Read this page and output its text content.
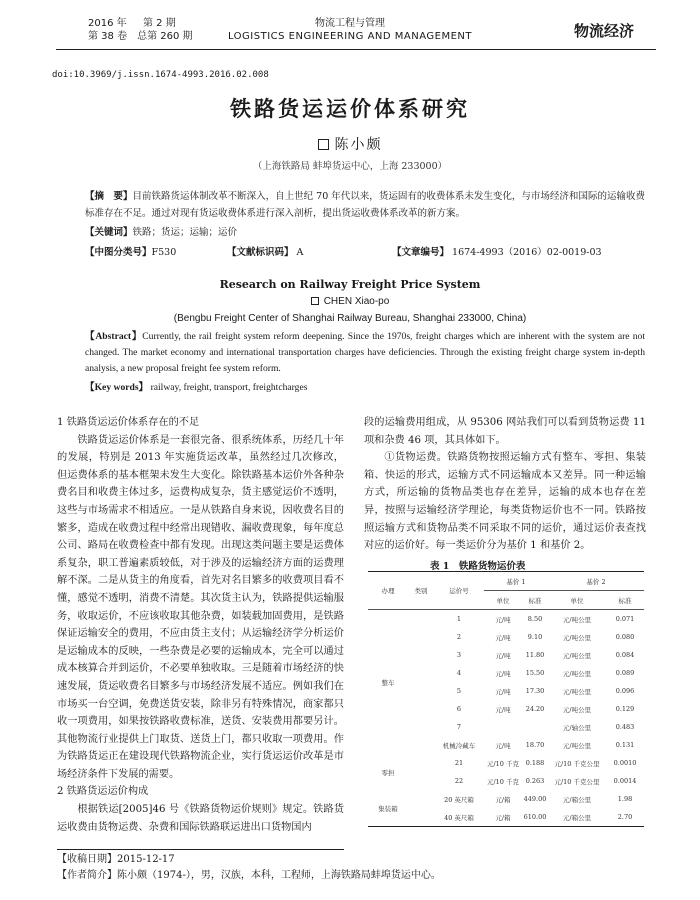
2016 年 　 第 2 期
第 38 卷　总第 260 期
物流工程与管理
LOGISTICS ENGINEERING AND MANAGEMENT	物流经济
doi:10.3969/j.issn.1674-4993.2016.02.008
铁路货运运价体系研究
陈小颇
（上海铁路局 蚌埠货运中心，上海 233000）
【摘　要】目前铁路货运体制改革不断深入，自上世纪 70 年代以来，货运固有的收费体系未发生变化，与市场经济和国际的运输收费标准存在不足。通过对现有货运收费体系进行深入剖析，提出货运收费体系改革的新方案。
【关键词】铁路；货运；运输；运价
【中图分类号】F530	【文献标识码】 A	【文章编号】 1674-4993（2016）02-0019-03
Research on Railway Freight Price System
CHEN Xiao-po
(Bengbu Freight Center of Shanghai Railway Bureau, Shanghai 233000, China)
【Abstract】Currently, the rail freight system reform deepening. Since the 1970s, freight charges which are inherent with the system are not changed. The market economy and international transportation charges have deficiencies. Through the existing freight charge system in-depth analysis, a new proposal freight fee system reform.
【Key words】 railway, freight, transport, freightcharges

1 铁路货运运价体系存在的不足

铁路货运运价体系是一套很完备、很系统体系，历经几十年的发展，特别是 2013 年实施货运改革，虽然经过几次修改，但运费体系的基本框架未发生大变化。除铁路基本运价外各种杂费名目和收费主体过多，运费构成复杂，货主感觉运价不透明，这些与市场需求不相适应。一是从铁路自身来说，因收费名目的繁多，造成在收费过程中经常出现错收、漏收费现象，每年度总公司、路局在收费检查中都有发现。出现这类问题主要是运费体系复杂，职工普遍素质较低，对于涉及的运输经济方面的运费理解不深。二是从货主的角度看，首先对名目繁多的收费项目看不懂，感觉不透明，消费不清楚。其次货主认为，铁路提供运输服务，收取运价，不应该收取其他杂费，如装载加固费用，是铁路保证运输安全的费用，不应由货主支付；从运输经济学分析运价是运输成本的反映，一些杂费是必要的运输成本，完全可以通过成本核算合并到运价，不必要单独收取。三是随着市场经济的快速发展，货运收费名目繁多与市场经济发展不适应。例如我们在市场买一台空调，免费送货安装，除非另有特殊情况，商家都只收一项费用，如果按铁路收费标准，送货、安装费用都要另计。其他物流行业提供上门取货、送货上门，都只收取一项费用。作为铁路货运正在建设现代铁路物流企业，实行货运运价改革是市场经济条件下发展的需要。

2 铁路货运运价构成

根据铁运[2005]46 号《铁路货物运价规则》规定。铁路货运收费由货物运费、杂费和国际铁路联运进出口货物国内

段的运输费用组成，从 95306 网站我们可以看到货物运费 11 项和杂费 46 项，其具体如下。

①货物运费。铁路货物按照运输方式有整车、零担、集装箱、快运的形式，运输方式不同运输成本又差异。同一种运输方式，所运输的货物品类也存在差异，运输的成本也存在差异，按照与运输经济学理论，每类货物运价也不一同。铁路按照运输方式和货物品类不同采取不同的运价，通过运价表查找对应的运价好。每一类运价分为基价 1 和基价 2。

表 1　铁路货物运价表
办理	类别	运价号	基价 1		基价 2	
			单位	标准	单位	标准
整车		1	元/吨	8.50	元/吨公里	0.071
		2	元/吨	9.10	元/吨公里	0.080
		3	元/吨	11.80	元/吨公里	0.084
		4	元/吨	15.50	元/吨公里	0.089
		5	元/吨	17.30	元/吨公里	0.096
		6	元/吨	24.20	元/吨公里	0.129
		7			元/轴公里	0.483
		机械冷藏车	元/吨	18.70	元/吨公里	0.131
零担		21	元/10 千克	0.188	元/10 千克公里	0.0010
		22	元/10 千克	0.263	元/10 千克公里	0.0014
集装箱		20 英尺箱	元/箱	449.00	元/箱公里	1.98
		40 英尺箱	元/箱	610.00	元/箱公里	2.70
【收稿日期】2015-12-17
【作者简介】陈小颇（1974-），男，汉族，本科，工程师，上海铁路局蚌埠货运中心。
